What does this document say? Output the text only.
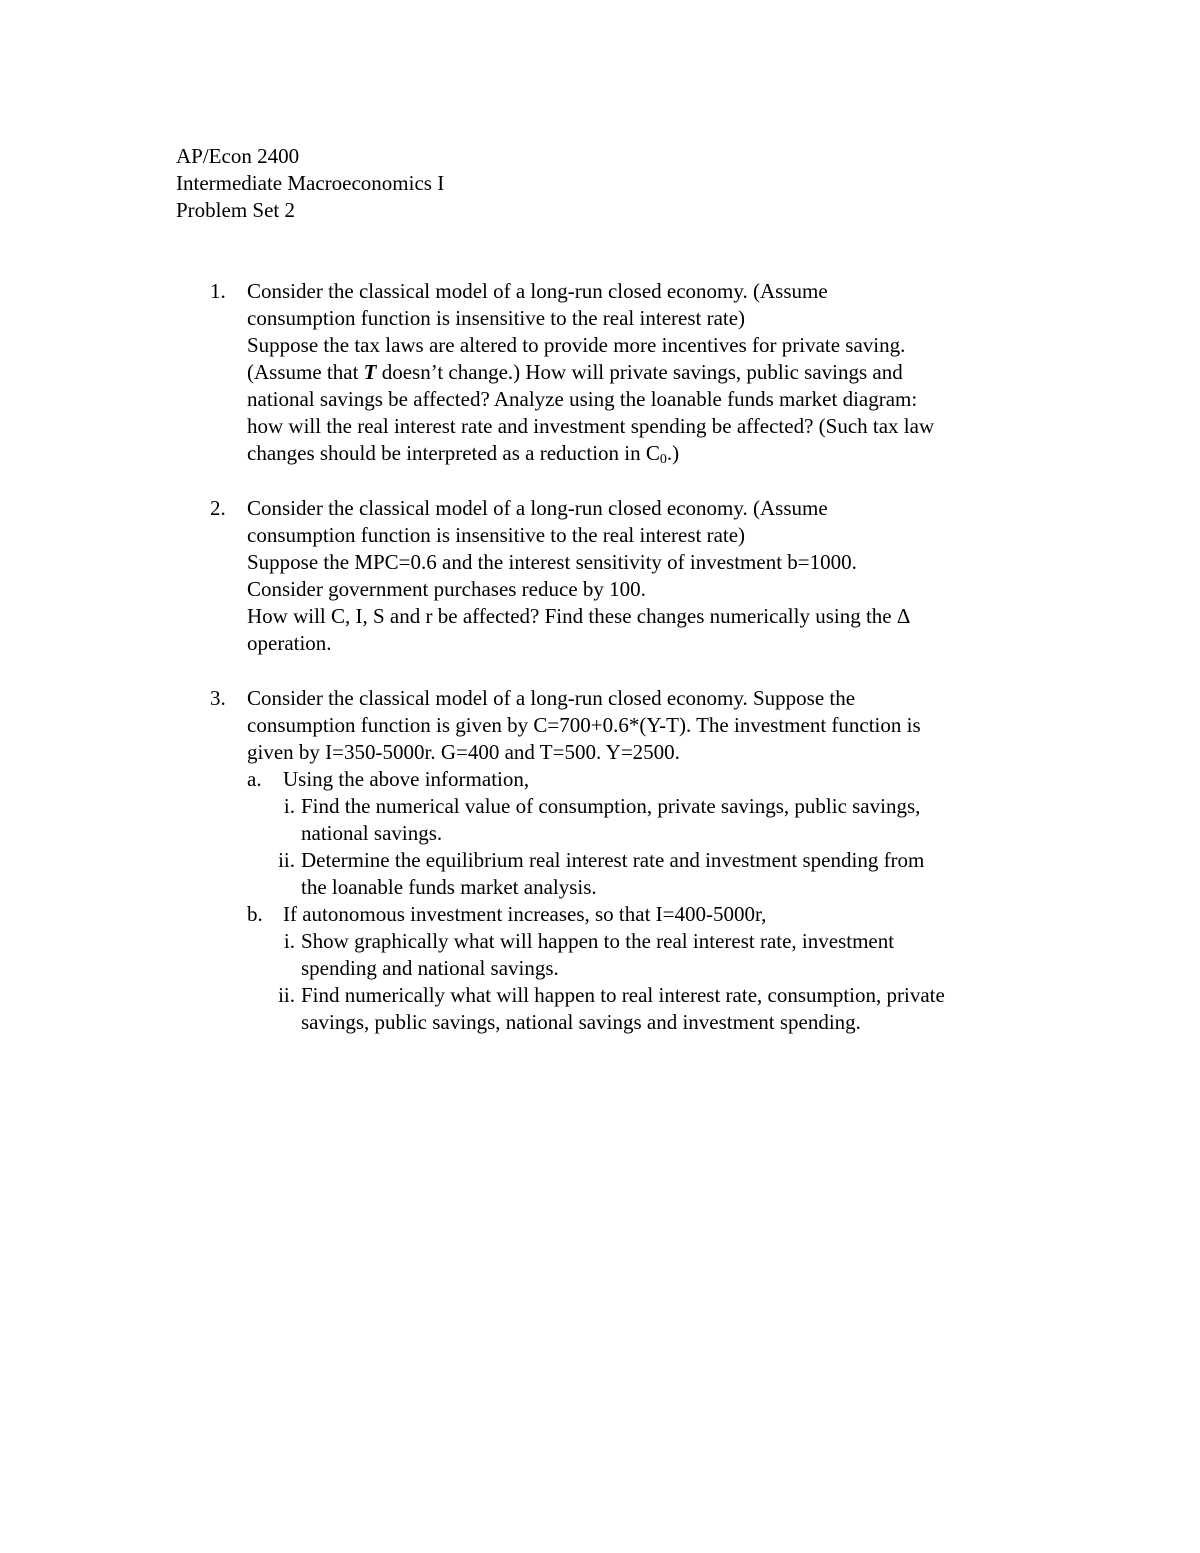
AP/Econ 2400
Intermediate Macroeconomics I
Problem Set 2
1.	Consider the classical model of a long-run closed economy. (Assume
consumption function is insensitive to the real interest rate)
Suppose the tax laws are altered to provide more incentives for private saving.
(Assume that T doesn’t change.) How will private savings, public savings and
national savings be affected? Analyze using the loanable funds market diagram:
how will the real interest rate and investment spending be affected? (Such tax law
changes should be interpreted as a reduction in $C_0$.)
2.	Consider the classical model of a long-run closed economy. (Assume
consumption function is insensitive to the real interest rate)
Suppose the MPC=0.6 and the interest sensitivity of investment b=1000.
Consider government purchases reduce by 100.
How will C, I, S and r be affected? Find these changes numerically using the Δ
operation.
3.	Consider the classical model of a long-run closed economy. Suppose the
consumption function is given by C=700+0.6*(Y-T). The investment function is
given by I=350-5000r. G=400 and T=500. Y=2500.
a. Using the above information,
i. Find the numerical value of consumption, private savings, public savings,
national savings.
ii. Determine the equilibrium real interest rate and investment spending from
the loanable funds market analysis.
b. If autonomous investment increases, so that I=400-5000r,
i. Show graphically what will happen to the real interest rate, investment
spending and national savings.
ii. Find numerically what will happen to real interest rate, consumption, private
savings, public savings, national savings and investment spending.
